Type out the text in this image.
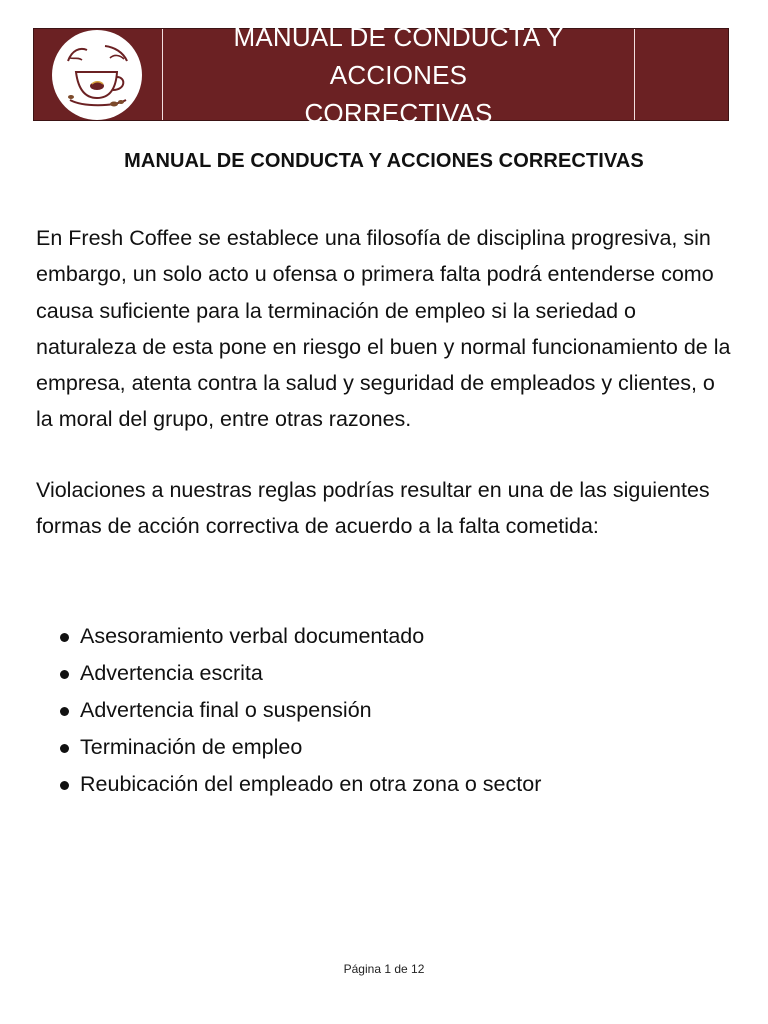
MANUAL DE CONDUCTA Y ACCIONES
CORRECTIVAS
MANUAL DE CONDUCTA Y ACCIONES CORRECTIVAS

En Fresh Coffee se establece una filosofía de disciplina progresiva, sin embargo, un solo acto u ofensa o primera falta podrá entenderse como causa suficiente para la terminación de empleo si la seriedad o naturaleza de esta pone en riesgo el buen y normal funcionamiento de la empresa, atenta contra la salud y seguridad de empleados y clientes, o la moral del grupo, entre otras razones.

Violaciones a nuestras reglas podrías resultar en una de las siguientes formas de acción correctiva de acuerdo a la falta cometida:

Asesoramiento verbal documentado
Advertencia escrita
Advertencia final o suspensión
Terminación de empleo
Reubicación del empleado en otra zona o sector
Página 1 de 12
